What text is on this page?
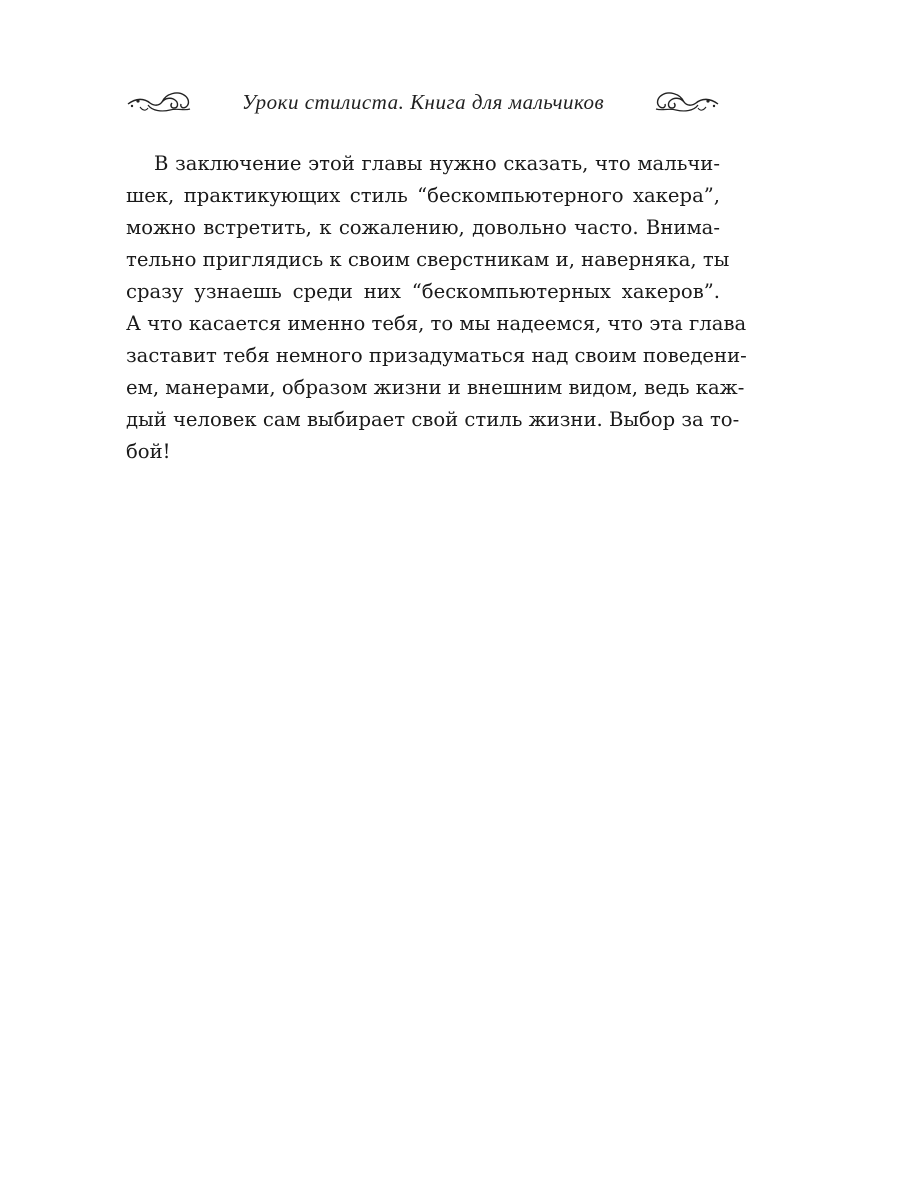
Уроки стилиста. Книга для мальчиков
В заключение этой главы нужно сказать, что мальчи-
шек, практикующих стиль “бескомпьютерного хакера”,
можно встретить, к сожалению, довольно часто. Внима-
тельно приглядись к своим сверстникам и, наверняка, ты
сразу узнаешь среди них “бескомпьютерных хакеров”.
А что касается именно тебя, то мы надеемся, что эта глава
заставит тебя немного призадуматься над своим поведени-
ем, манерами, образом жизни и внешним видом, ведь каж-
дый человек сам выбирает свой стиль жизни. Выбор за то-
бой!
